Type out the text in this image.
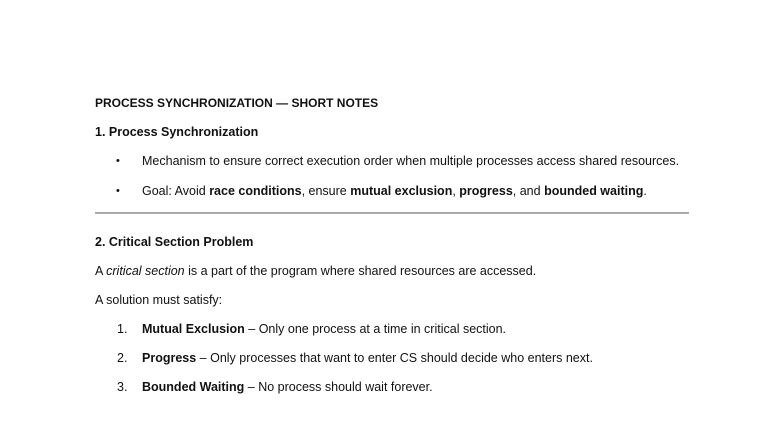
PROCESS SYNCHRONIZATION — SHORT NOTES
1. Process Synchronization
• Mechanism to ensure correct execution order when multiple processes access shared resources.
• Goal: Avoid race conditions, ensure mutual exclusion, progress, and bounded waiting.
2. Critical Section Problem

A critical section is a part of the program where shared resources are accessed.

A solution must satisfy:

1. Mutual Exclusion – Only one process at a time in critical section.
2. Progress – Only processes that want to enter CS should decide who enters next.
3. Bounded Waiting – No process should wait forever.
